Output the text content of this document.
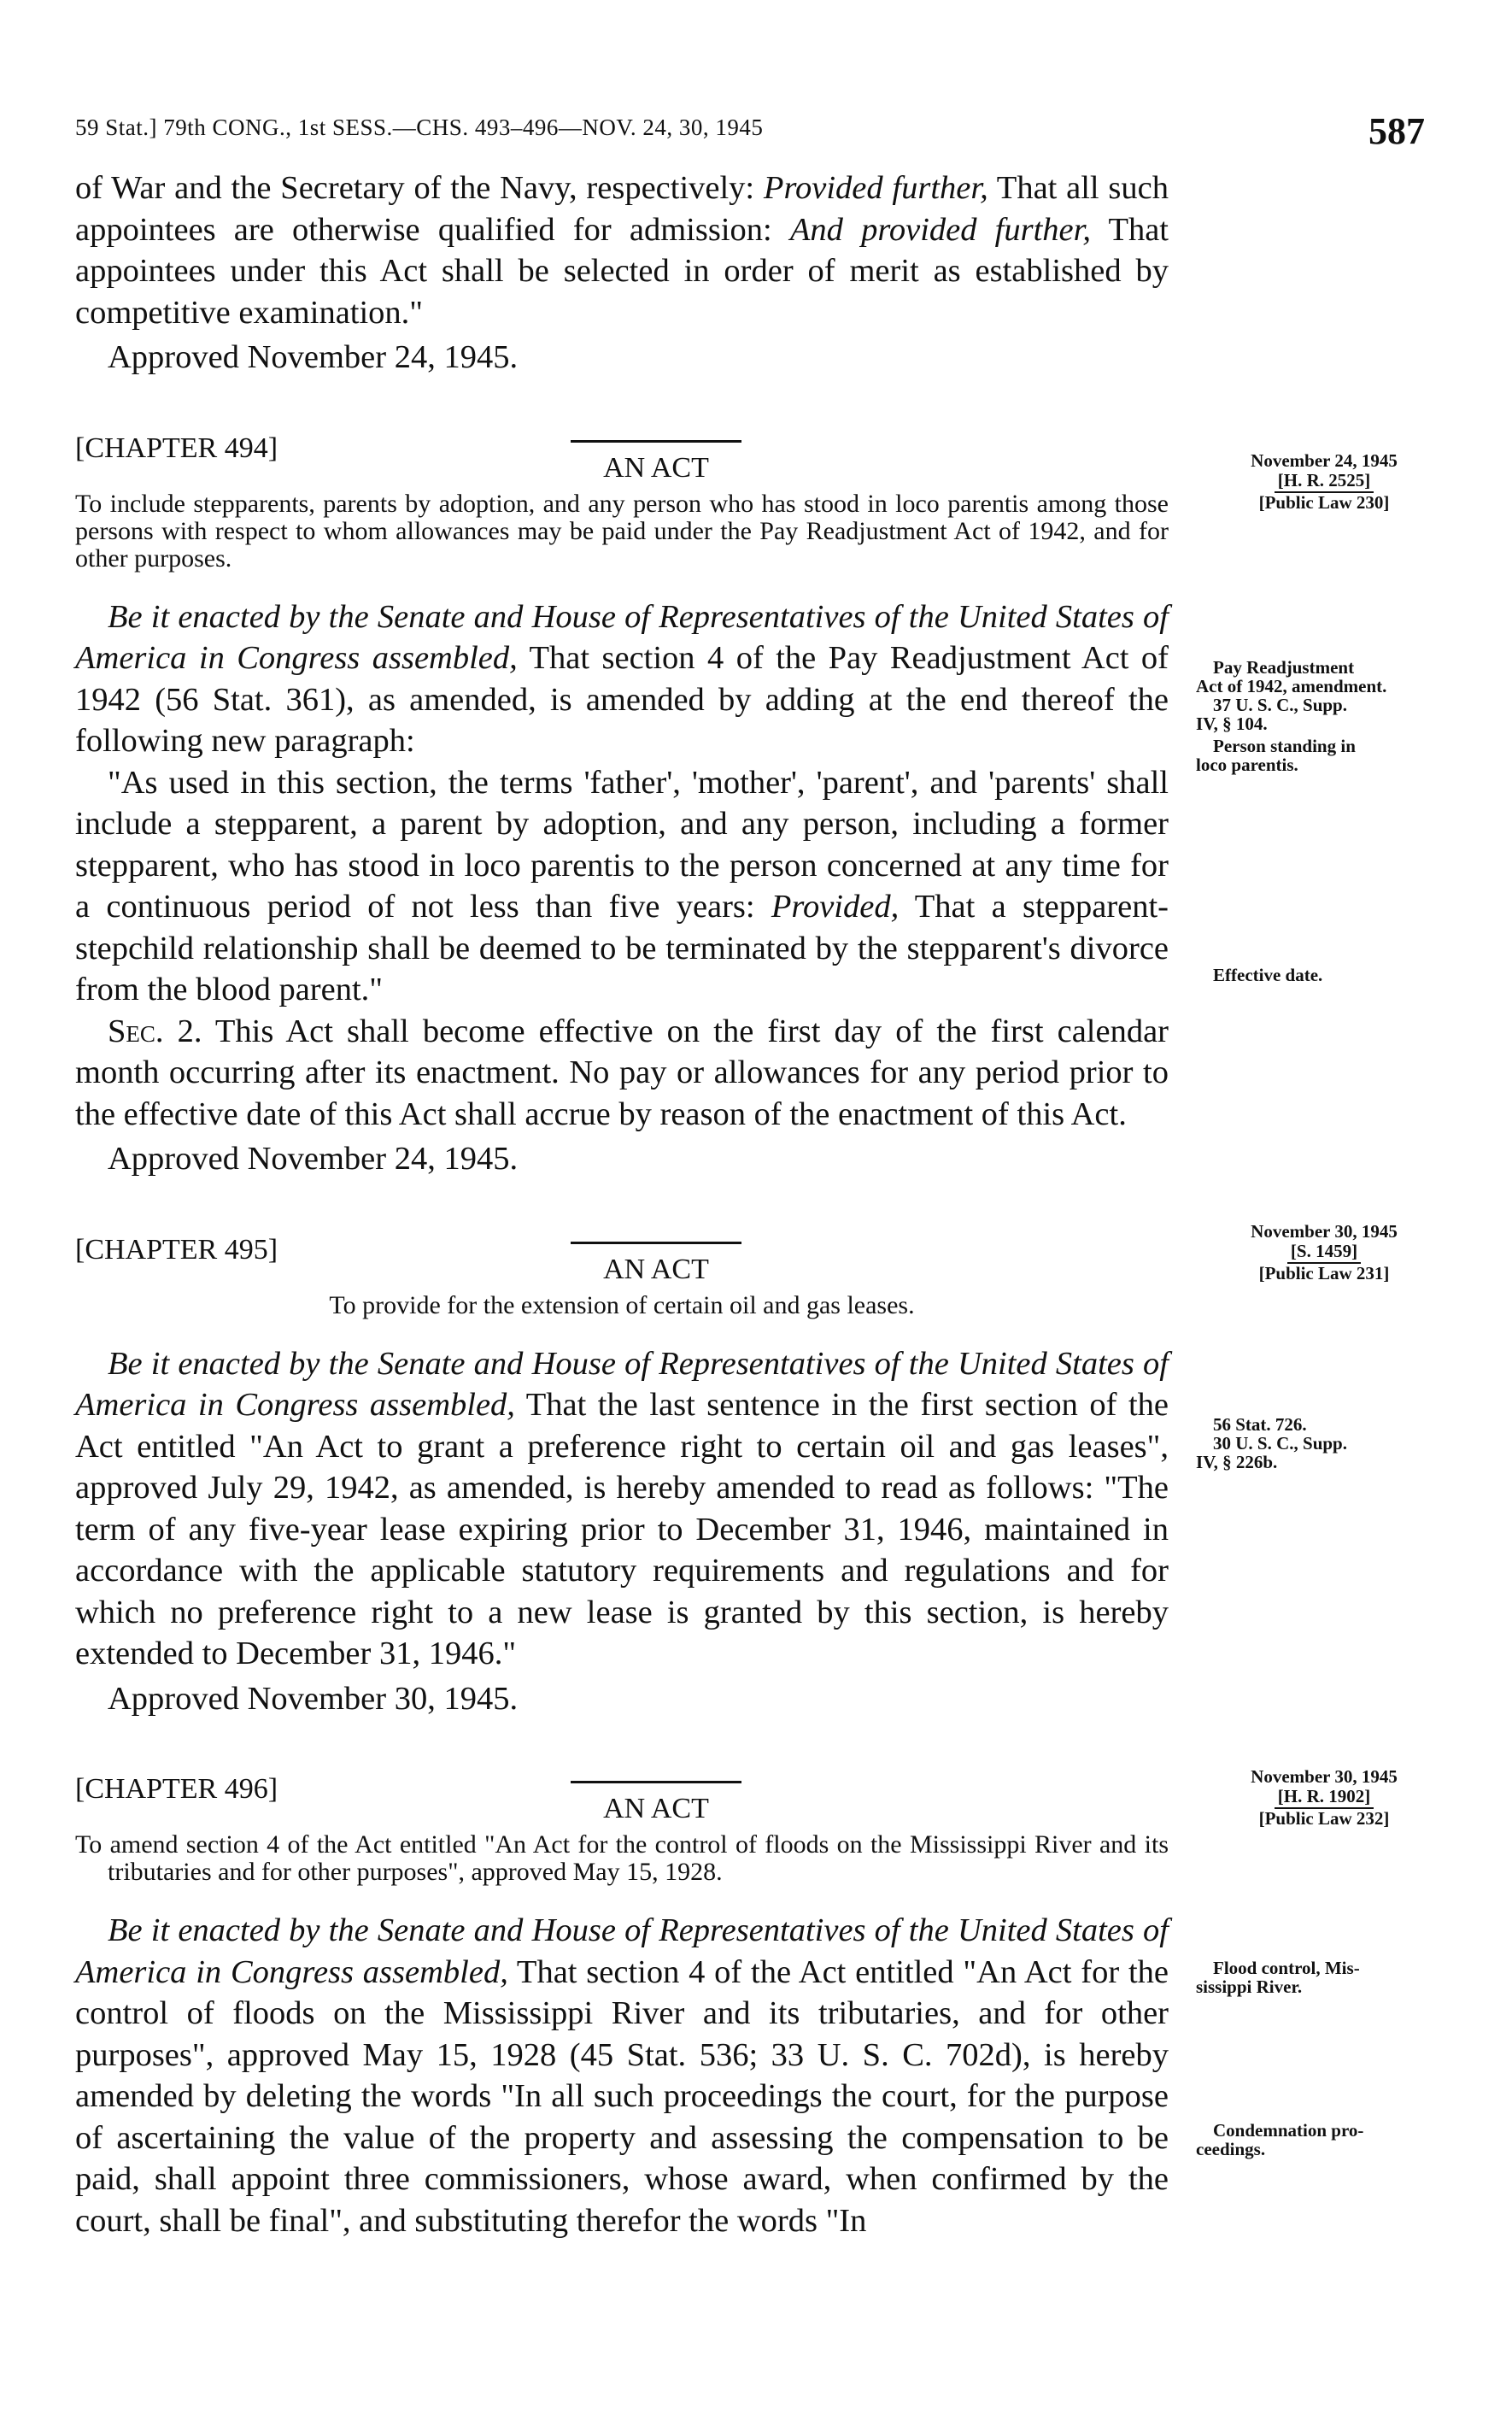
59 Stat.] 79th CONG., 1st SESS.—CHS. 493–496—NOV. 24, 30, 1945	587

of War and the Secretary of the Navy, respectively: Provided further, That all such appointees are otherwise qualified for admission: And provided further, That appointees under this Act shall be selected in order of merit as established by competitive examination."

Approved November 24, 1945.

[CHAPTER 494]
AN ACT

To include stepparents, parents by adoption, and any person who has stood in loco parentis among those persons with respect to whom allowances may be paid under the Pay Readjustment Act of 1942, and for other purposes.

Be it enacted by the Senate and House of Representatives of the United States of America in Congress assembled, That section 4 of the Pay Readjustment Act of 1942 (56 Stat. 361), as amended, is amended by adding at the end thereof the following new paragraph:

"As used in this section, the terms 'father', 'mother', 'parent', and 'parents' shall include a stepparent, a parent by adoption, and any person, including a former stepparent, who has stood in loco parentis to the person concerned at any time for a continuous period of not less than five years: Provided, That a stepparent-stepchild relationship shall be deemed to be terminated by the stepparent's divorce from the blood parent."

Sec. 2. This Act shall become effective on the first day of the first calendar month occurring after its enactment. No pay or allowances for any period prior to the effective date of this Act shall accrue by reason of the enactment of this Act.

Approved November 24, 1945.

[CHAPTER 495]
AN ACT

To provide for the extension of certain oil and gas leases.

Be it enacted by the Senate and House of Representatives of the United States of America in Congress assembled, That the last sentence in the first section of the Act entitled "An Act to grant a preference right to certain oil and gas leases", approved July 29, 1942, as amended, is hereby amended to read as follows: "The term of any five-year lease expiring prior to December 31, 1946, maintained in accordance with the applicable statutory requirements and regulations and for which no preference right to a new lease is granted by this section, is hereby extended to December 31, 1946."

Approved November 30, 1945.

[CHAPTER 496]
AN ACT

To amend section 4 of the Act entitled "An Act for the control of floods on the Mississippi River and its tributaries and for other purposes", approved May 15, 1928.

Be it enacted by the Senate and House of Representatives of the United States of America in Congress assembled, That section 4 of the Act entitled "An Act for the control of floods on the Mississippi River and its tributaries, and for other purposes", approved May 15, 1928 (45 Stat. 536; 33 U. S. C. 702d), is hereby amended by deleting the words "In all such proceedings the court, for the purpose of ascertaining the value of the property and assessing the compensation to be paid, shall appoint three commissioners, whose award, when confirmed by the court, shall be final", and substituting therefor the words "In

November 24, 1945
[H. R. 2525]
[Public Law 230]
Pay Readjustment
Act of 1942, amendment.
37 U. S. C., Supp.
IV, § 104.
Person standing in
loco parentis.
Effective date.
November 30, 1945
[S. 1459]
[Public Law 231]
56 Stat. 726.
30 U. S. C., Supp.
IV, § 226b.
November 30, 1945
[H. R. 1902]
[Public Law 232]
Flood control, Mis-
sissippi River.
Condemnation pro-
ceedings.
